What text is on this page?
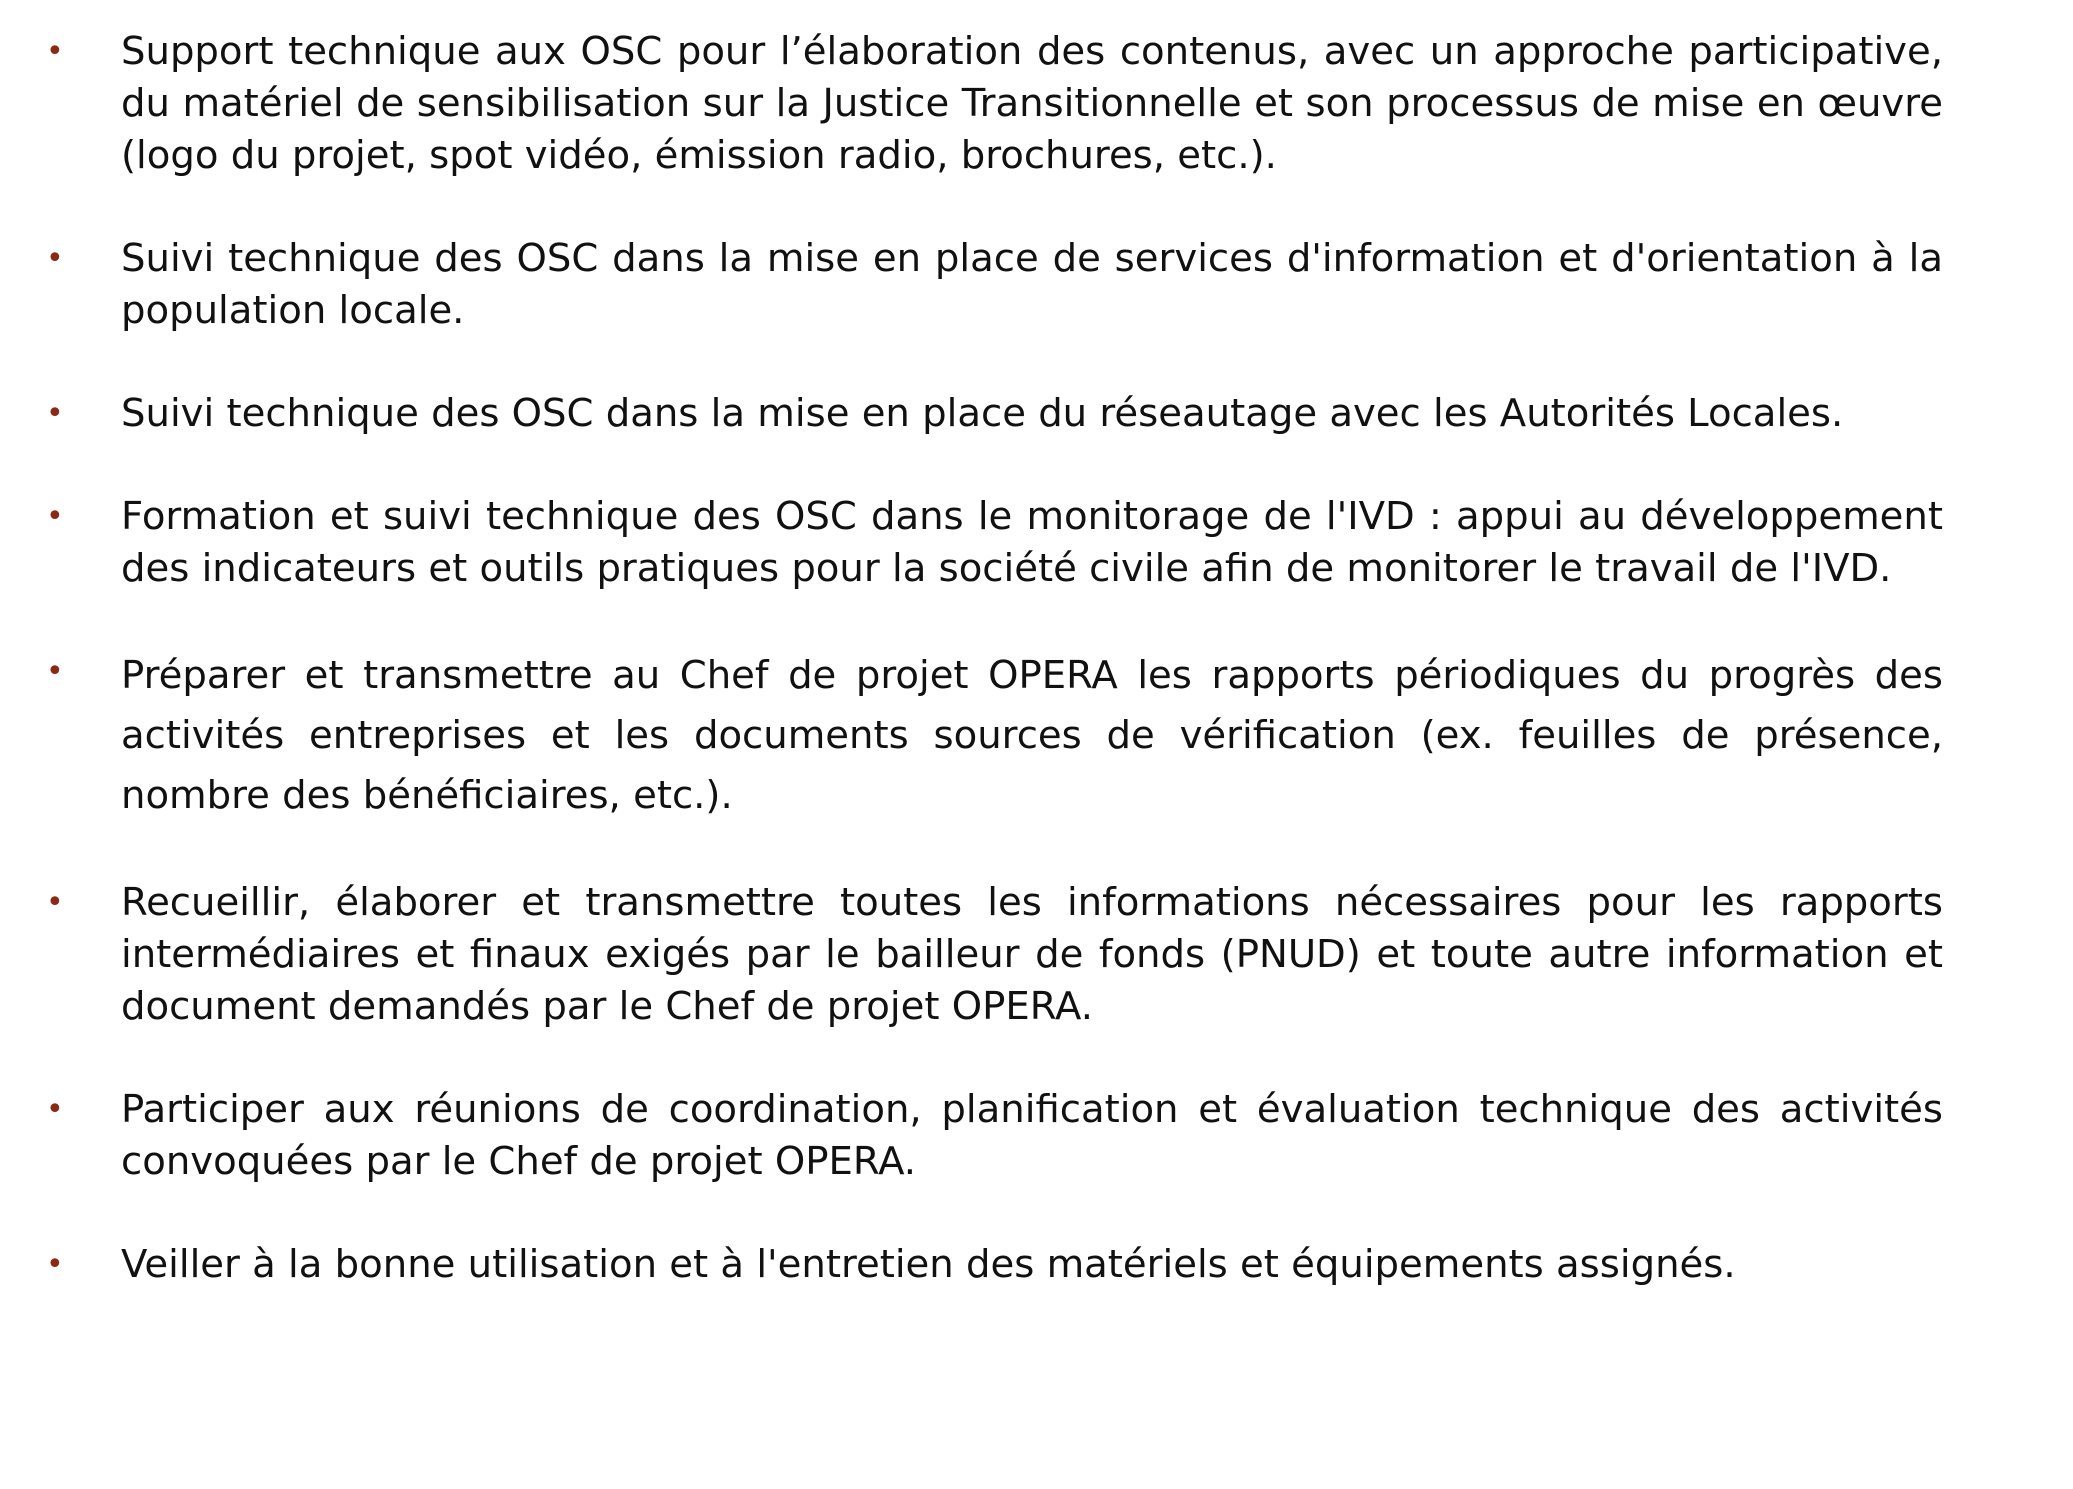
• Support technique aux OSC pour l’élaboration des contenus, avec un approche participative, du matériel de sensibilisation sur la Justice Transitionnelle et son processus de mise en œuvre (logo du projet, spot vidéo, émission radio, brochures, etc.).
• Suivi technique des OSC dans la mise en place de services d'information et d'orientation à la population locale.
• Suivi technique des OSC dans la mise en place du réseautage avec les Autorités Locales.
• Formation et suivi technique des OSC dans le monitorage de l'IVD : appui au développement des indicateurs et outils pratiques pour la société civile afin de monitorer le travail de l'IVD.
• Préparer et transmettre au Chef de projet OPERA les rapports périodiques du progrès des activités entreprises et les documents sources de vérification (ex. feuilles de présence, nombre des bénéficiaires, etc.).
• Recueillir, élaborer et transmettre toutes les informations nécessaires pour les rapports intermédiaires et finaux exigés par le bailleur de fonds (PNUD) et toute autre information et document demandés par le Chef de projet OPERA.
• Participer aux réunions de coordination, planification et évaluation technique des activités convoquées par le Chef de projet OPERA.
• Veiller à la bonne utilisation et à l'entretien des matériels et équipements assignés.
